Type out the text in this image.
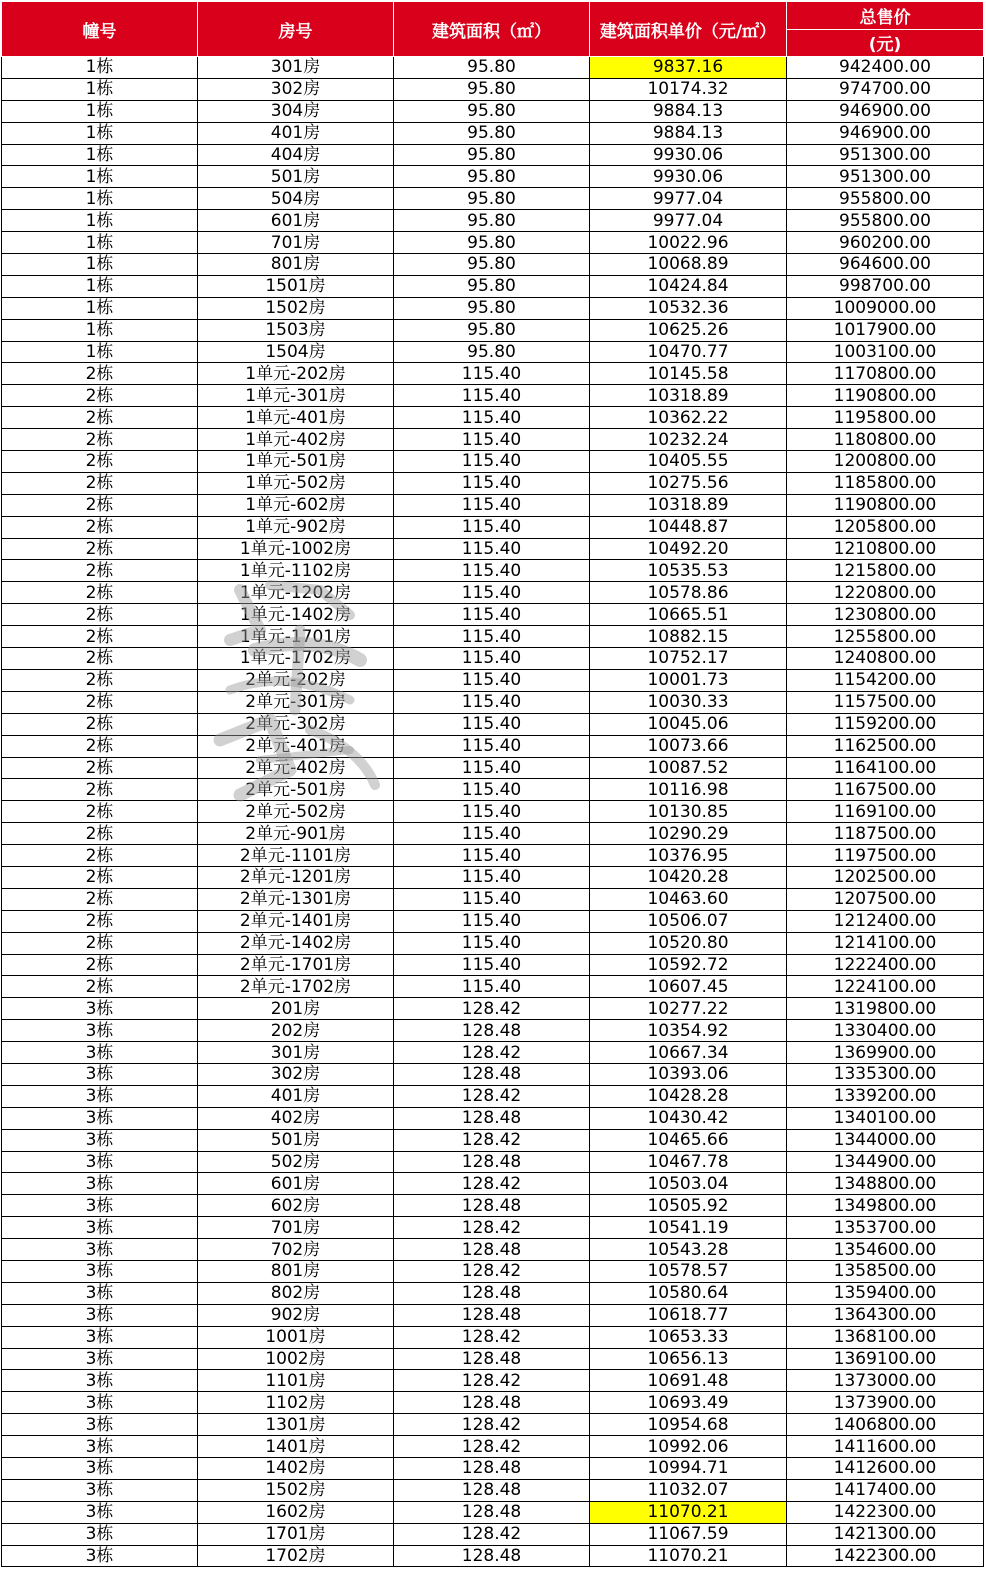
幢号	房号	建筑面积（㎡）	建筑面积单价（元/㎡）	总售价
				(元)
1栋	301房	95.80	9837.16	942400.00
1栋	302房	95.80	10174.32	974700.00
1栋	304房	95.80	9884.13	946900.00
1栋	401房	95.80	9884.13	946900.00
1栋	404房	95.80	9930.06	951300.00
1栋	501房	95.80	9930.06	951300.00
1栋	504房	95.80	9977.04	955800.00
1栋	601房	95.80	9977.04	955800.00
1栋	701房	95.80	10022.96	960200.00
1栋	801房	95.80	10068.89	964600.00
1栋	1501房	95.80	10424.84	998700.00
1栋	1502房	95.80	10532.36	1009000.00
1栋	1503房	95.80	10625.26	1017900.00
1栋	1504房	95.80	10470.77	1003100.00
2栋	1单元-202房	115.40	10145.58	1170800.00
2栋	1单元-301房	115.40	10318.89	1190800.00
2栋	1单元-401房	115.40	10362.22	1195800.00
2栋	1单元-402房	115.40	10232.24	1180800.00
2栋	1单元-501房	115.40	10405.55	1200800.00
2栋	1单元-502房	115.40	10275.56	1185800.00
2栋	1单元-602房	115.40	10318.89	1190800.00
2栋	1单元-902房	115.40	10448.87	1205800.00
2栋	1单元-1002房	115.40	10492.20	1210800.00
2栋	1单元-1102房	115.40	10535.53	1215800.00
2栋	1单元-1202房	115.40	10578.86	1220800.00
2栋	1单元-1402房	115.40	10665.51	1230800.00
2栋	1单元-1701房	115.40	10882.15	1255800.00
2栋	1单元-1702房	115.40	10752.17	1240800.00
2栋	2单元-202房	115.40	10001.73	1154200.00
2栋	2单元-301房	115.40	10030.33	1157500.00
2栋	2单元-302房	115.40	10045.06	1159200.00
2栋	2单元-401房	115.40	10073.66	1162500.00
2栋	2单元-402房	115.40	10087.52	1164100.00
2栋	2单元-501房	115.40	10116.98	1167500.00
2栋	2单元-502房	115.40	10130.85	1169100.00
2栋	2单元-901房	115.40	10290.29	1187500.00
2栋	2单元-1101房	115.40	10376.95	1197500.00
2栋	2单元-1201房	115.40	10420.28	1202500.00
2栋	2单元-1301房	115.40	10463.60	1207500.00
2栋	2单元-1401房	115.40	10506.07	1212400.00
2栋	2单元-1402房	115.40	10520.80	1214100.00
2栋	2单元-1701房	115.40	10592.72	1222400.00
2栋	2单元-1702房	115.40	10607.45	1224100.00
3栋	201房	128.42	10277.22	1319800.00
3栋	202房	128.48	10354.92	1330400.00
3栋	301房	128.42	10667.34	1369900.00
3栋	302房	128.48	10393.06	1335300.00
3栋	401房	128.42	10428.28	1339200.00
3栋	402房	128.48	10430.42	1340100.00
3栋	501房	128.42	10465.66	1344000.00
3栋	502房	128.48	10467.78	1344900.00
3栋	601房	128.42	10503.04	1348800.00
3栋	602房	128.48	10505.92	1349800.00
3栋	701房	128.42	10541.19	1353700.00
3栋	702房	128.48	10543.28	1354600.00
3栋	801房	128.42	10578.57	1358500.00
3栋	802房	128.48	10580.64	1359400.00
3栋	902房	128.48	10618.77	1364300.00
3栋	1001房	128.42	10653.33	1368100.00
3栋	1002房	128.48	10656.13	1369100.00
3栋	1101房	128.42	10691.48	1373000.00
3栋	1102房	128.48	10693.49	1373900.00
3栋	1301房	128.42	10954.68	1406800.00
3栋	1401房	128.42	10992.06	1411600.00
3栋	1402房	128.48	10994.71	1412600.00
3栋	1502房	128.48	11032.07	1417400.00
3栋	1602房	128.48	11070.21	1422300.00
3栋	1701房	128.42	11067.59	1421300.00
3栋	1702房	128.48	11070.21	1422300.00
